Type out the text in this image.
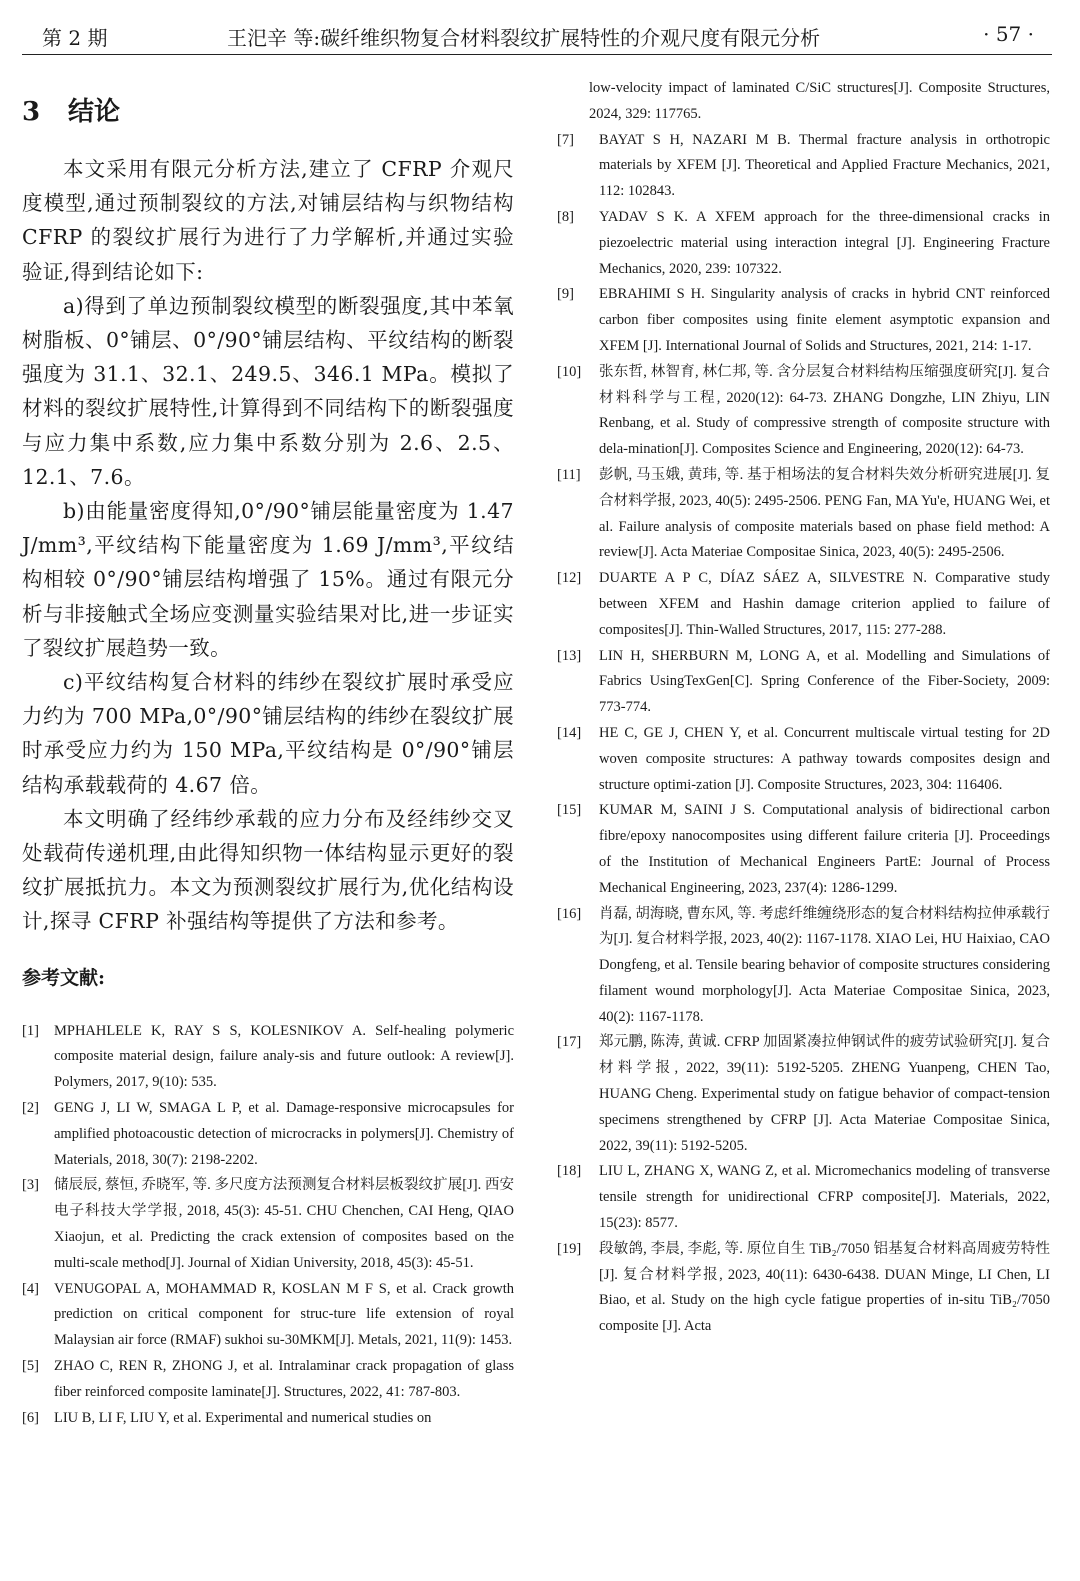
第 2 期	王汜辛 等:碳纤维织物复合材料裂纹扩展特性的介观尺度有限元分析	· 57 ·
3 结论

本文采用有限元分析方法,建立了 CFRP 介观尺度模型,通过预制裂纹的方法,对铺层结构与织物结构 CFRP 的裂纹扩展行为进行了力学解析,并通过实验验证,得到结论如下:

a)得到了单边预制裂纹模型的断裂强度,其中苯氧树脂板、0°铺层、0°/90°铺层结构、平纹结构的断裂强度为 31.1、32.1、249.5、346.1 MPa。模拟了材料的裂纹扩展特性,计算得到不同结构下的断裂强度与应力集中系数,应力集中系数分别为 2.6、2.5、12.1、7.6。

b)由能量密度得知,0°/90°铺层能量密度为 1.47 J/mm³,平纹结构下能量密度为 1.69 J/mm³,平纹结构相较 0°/90°铺层结构增强了 15%。通过有限元分析与非接触式全场应变测量实验结果对比,进一步证实了裂纹扩展趋势一致。

c)平纹结构复合材料的纬纱在裂纹扩展时承受应力约为 700 MPa,0°/90°铺层结构的纬纱在裂纹扩展时承受应力约为 150 MPa,平纹结构是 0°/90°铺层结构承载载荷的 4.67 倍。

本文明确了经纬纱承载的应力分布及经纬纱交叉处载荷传递机理,由此得知织物一体结构显示更好的裂纹扩展抵抗力。本文为预测裂纹扩展行为,优化结构设计,探寻 CFRP 补强结构等提供了方法和参考。

参考文献:
[1]	MPHAHLELE K, RAY S S, KOLESNIKOV A. Self-healing polymeric composite material design, failure analy-sis and future outlook: A review[J]. Polymers, 2017, 9(10): 535.
[2]	GENG J, LI W, SMAGA L P, et al. Damage-responsive microcapsules for amplified photoacoustic detection of microcracks in polymers[J]. Chemistry of Materials, 2018, 30(7): 2198-2202.
[3]	储辰辰, 蔡恒, 乔晓军, 等. 多尺度方法预测复合材料层板裂纹扩展[J]. 西安电子科技大学学报, 2018, 45(3): 45-51. CHU Chenchen, CAI Heng, QIAO Xiaojun, et al. Predicting the crack extension of composites based on the multi-scale method[J]. Journal of Xidian University, 2018, 45(3): 45-51.
[4]	VENUGOPAL A, MOHAMMAD R, KOSLAN M F S, et al. Crack growth prediction on critical component for struc-ture life extension of royal Malaysian air force (RMAF) sukhoi su-30MKM[J]. Metals, 2021, 11(9): 1453.
[5]	ZHAO C, REN R, ZHONG J, et al. Intralaminar crack propagation of glass fiber reinforced composite laminate[J]. Structures, 2022, 41: 787-803.
[6]	LIU B, LI F, LIU Y, et al. Experimental and numerical studies on
low-velocity impact of laminated C/SiC structures[J]. Composite Structures, 2024, 329: 117765.
[7]	BAYAT S H, NAZARI M B. Thermal fracture analysis in orthotropic materials by XFEM [J]. Theoretical and Applied Fracture Mechanics, 2021, 112: 102843.
[8]	YADAV S K. A XFEM approach for the three-dimensional cracks in piezoelectric material using interaction integral [J]. Engineering Fracture Mechanics, 2020, 239: 107322.
[9]	EBRAHIMI S H. Singularity analysis of cracks in hybrid CNT reinforced carbon fiber composites using finite element asymptotic expansion and XFEM [J]. International Journal of Solids and Structures, 2021, 214: 1-17.
[10]	张东哲, 林智育, 林仁邦, 等. 含分层复合材料结构压缩强度研究[J]. 复合材料科学与工程, 2020(12): 64-73. ZHANG Dongzhe, LIN Zhiyu, LIN Renbang, et al. Study of compressive strength of composite structure with dela-mination[J]. Composites Science and Engineering, 2020(12): 64-73.
[11]	彭帆, 马玉娥, 黄玮, 等. 基于相场法的复合材料失效分析研究进展[J]. 复合材料学报, 2023, 40(5): 2495-2506. PENG Fan, MA Yu'e, HUANG Wei, et al. Failure analysis of composite materials based on phase field method: A review[J]. Acta Materiae Compositae Sinica, 2023, 40(5): 2495-2506.
[12]	DUARTE A P C, DÍAZ SÁEZ A, SILVESTRE N. Comparative study between XFEM and Hashin damage criterion applied to failure of composites[J]. Thin-Walled Structures, 2017, 115: 277-288.
[13]	LIN H, SHERBURN M, LONG A, et al. Modelling and Simulations of Fabrics UsingTexGen[C]. Spring Conference of the Fiber-Society, 2009: 773-774.
[14]	HE C, GE J, CHEN Y, et al. Concurrent multiscale virtual testing for 2D woven composite structures: A pathway towards composites design and structure optimi-zation [J]. Composite Structures, 2023, 304: 116406.
[15]	KUMAR M, SAINI J S. Computational analysis of bidirectional carbon fibre/epoxy nanocomposites using different failure criteria [J]. Proceedings of the Institution of Mechanical Engineers PartE: Journal of Process Mechanical Engineering, 2023, 237(4): 1286-1299.
[16]	肖磊, 胡海晓, 曹东风, 等. 考虑纤维缠绕形态的复合材料结构拉伸承载行为[J]. 复合材料学报, 2023, 40(2): 1167-1178. XIAO Lei, HU Haixiao, CAO Dongfeng, et al. Tensile bearing behavior of composite structures considering filament wound morphology[J]. Acta Materiae Compositae Sinica, 2023, 40(2): 1167-1178.
[17]	郑元鹏, 陈涛, 黄诚. CFRP 加固紧凑拉伸钢试件的疲劳试验研究[J]. 复合材料学报, 2022, 39(11): 5192-5205. ZHENG Yuanpeng, CHEN Tao, HUANG Cheng. Experimental study on fatigue behavior of compact-tension specimens strengthened by CFRP [J]. Acta Materiae Compositae Sinica, 2022, 39(11): 5192-5205.
[18]	LIU L, ZHANG X, WANG Z, et al. Micromechanics modeling of transverse tensile strength for unidirectional CFRP composite[J]. Materials, 2022, 15(23): 8577.
[19]	段敏鸽, 李晨, 李彪, 等. 原位自生 TiB₂/7050 铝基复合材料高周疲劳特性[J]. 复合材料学报, 2023, 40(11): 6430-6438. DUAN Minge, LI Chen, LI Biao, et al. Study on the high cycle fatigue properties of in-situ TiB₂/7050 composite [J]. Acta
